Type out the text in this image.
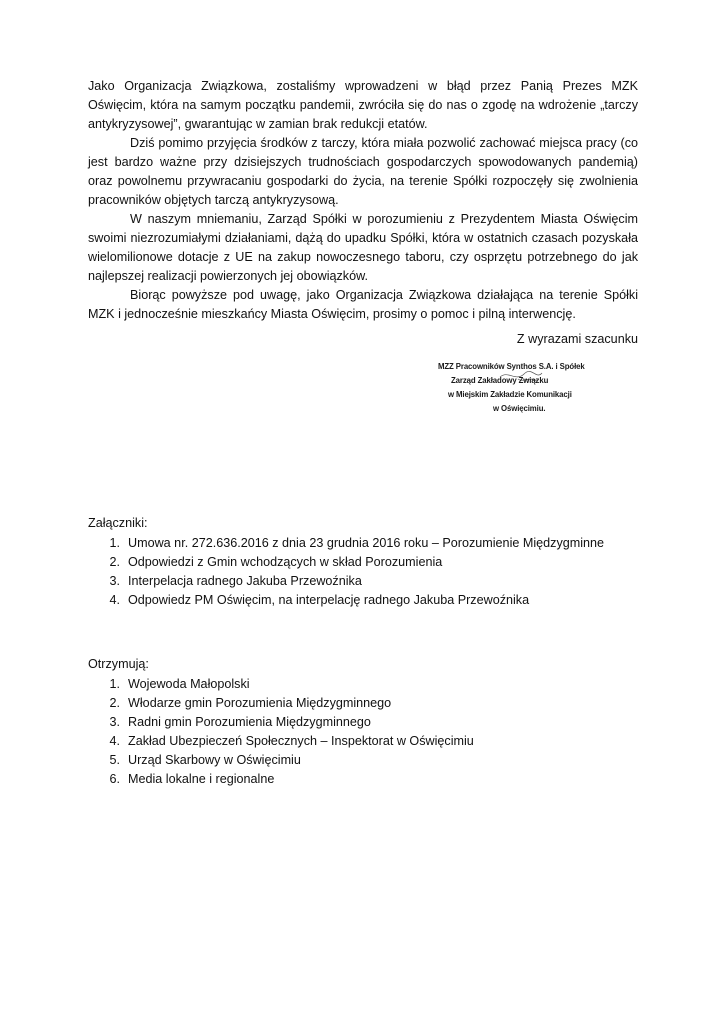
Jako Organizacja Związkowa, zostaliśmy wprowadzeni w błąd przez Panią Prezes MZK Oświęcim, która na samym początku pandemii, zwróciła się do nas o zgodę na wdrożenie „tarczy antykryzysowej”, gwarantując w zamian brak redukcji etatów.

Dziś pomimo przyjęcia środków z tarczy, która miała pozwolić zachować miejsca pracy (co jest bardzo ważne przy dzisiejszych trudnościach gospodarczych spowodowanych pandemią) oraz powolnemu przywracaniu gospodarki do życia, na terenie Spółki rozpoczęły się zwolnienia pracowników objętych tarczą antykryzysową.

W naszym mniemaniu, Zarząd Spółki w porozumieniu z Prezydentem Miasta Oświęcim swoimi niezrozumiałymi działaniami, dążą do upadku Spółki, która w ostatnich czasach pozyskała wielomilionowe dotacje z UE na zakup nowoczesnego taboru, czy osprzętu potrzebnego do jak najlepszej realizacji powierzonych jej obowiązków.

Biorąc powyższe pod uwagę, jako Organizacja Związkowa działająca na terenie Spółki MZK i jednocześnie mieszkańcy Miasta Oświęcim, prosimy o pomoc i pilną interwencję.

Z wyrazami szacunku
MZZ Pracowników Synthos S.A. i Spółek
Zarząd Zakładowy Związku
w Miejskim Zakładzie Komunikacji
w Oświęcimiu.
Załączniki:
1. Umowa nr. 272.636.2016 z dnia 23 grudnia 2016 roku – Porozumienie Międzygminne
2. Odpowiedzi z Gmin wchodzących w skład Porozumienia
3. Interpelacja radnego Jakuba Przewoźnika
4. Odpowiedz PM Oświęcim, na interpelację radnego Jakuba Przewoźnika
Otrzymują:
1. Wojewoda Małopolski
2. Włodarze gmin Porozumienia Międzygminnego
3. Radni gmin Porozumienia Międzygminnego
4. Zakład Ubezpieczeń Społecznych – Inspektorat w Oświęcimiu
5. Urząd Skarbowy w Oświęcimiu
6. Media lokalne i regionalne
